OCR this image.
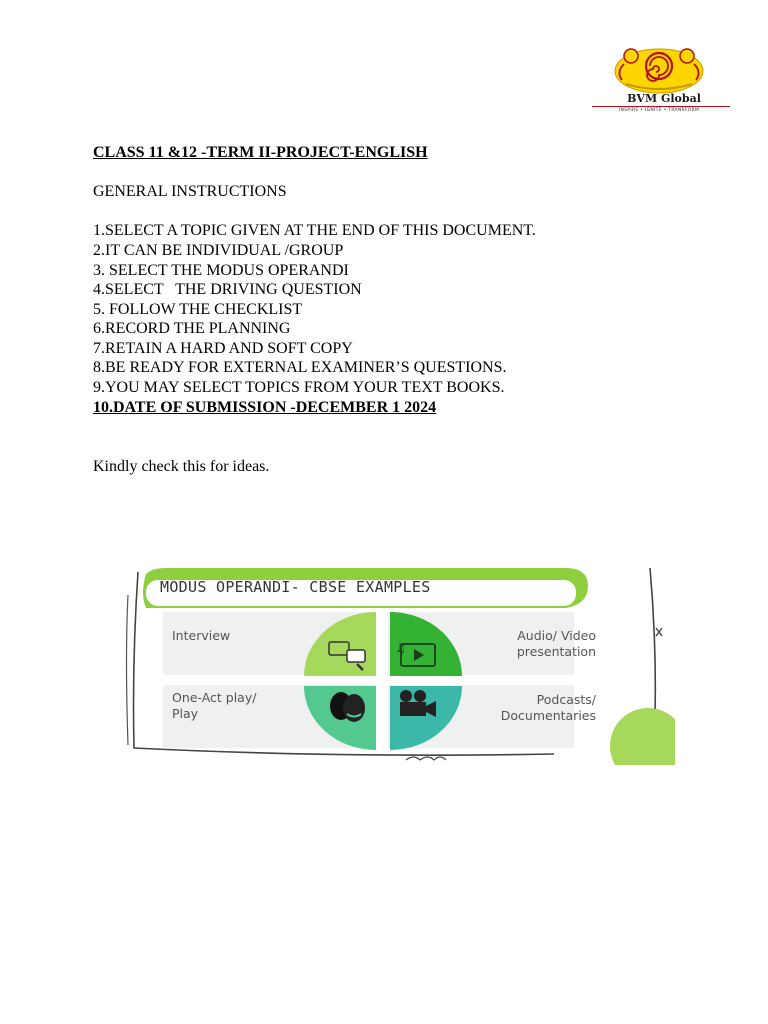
BVM Global
INSPIRE • IGNITE • TRANSFORM
CLASS 11 &12 -TERM II-PROJECT-ENGLISH
GENERAL INSTRUCTIONS
1.SELECT A TOPIC GIVEN AT THE END OF THIS DOCUMENT.
2.IT CAN BE INDIVIDUAL /GROUP
3. SELECT THE MODUS OPERANDI
4.SELECT   THE DRIVING QUESTION
5. FOLLOW THE CHECKLIST
6.RECORD THE PLANNING
7.RETAIN A HARD AND SOFT COPY
8.BE READY FOR EXTERNAL EXAMINER’S QUESTIONS.
9.YOU MAY SELECT TOPICS FROM YOUR TEXT BOOKS.
10.DATE OF SUBMISSION -DECEMBER 1 2024
Kindly check this for ideas.
♫
MODUS OPERANDI- CBSE EXAMPLES
Interview	Audio/ Video
presentation
One-Act play/
Play
Podcasts/
Documentaries
